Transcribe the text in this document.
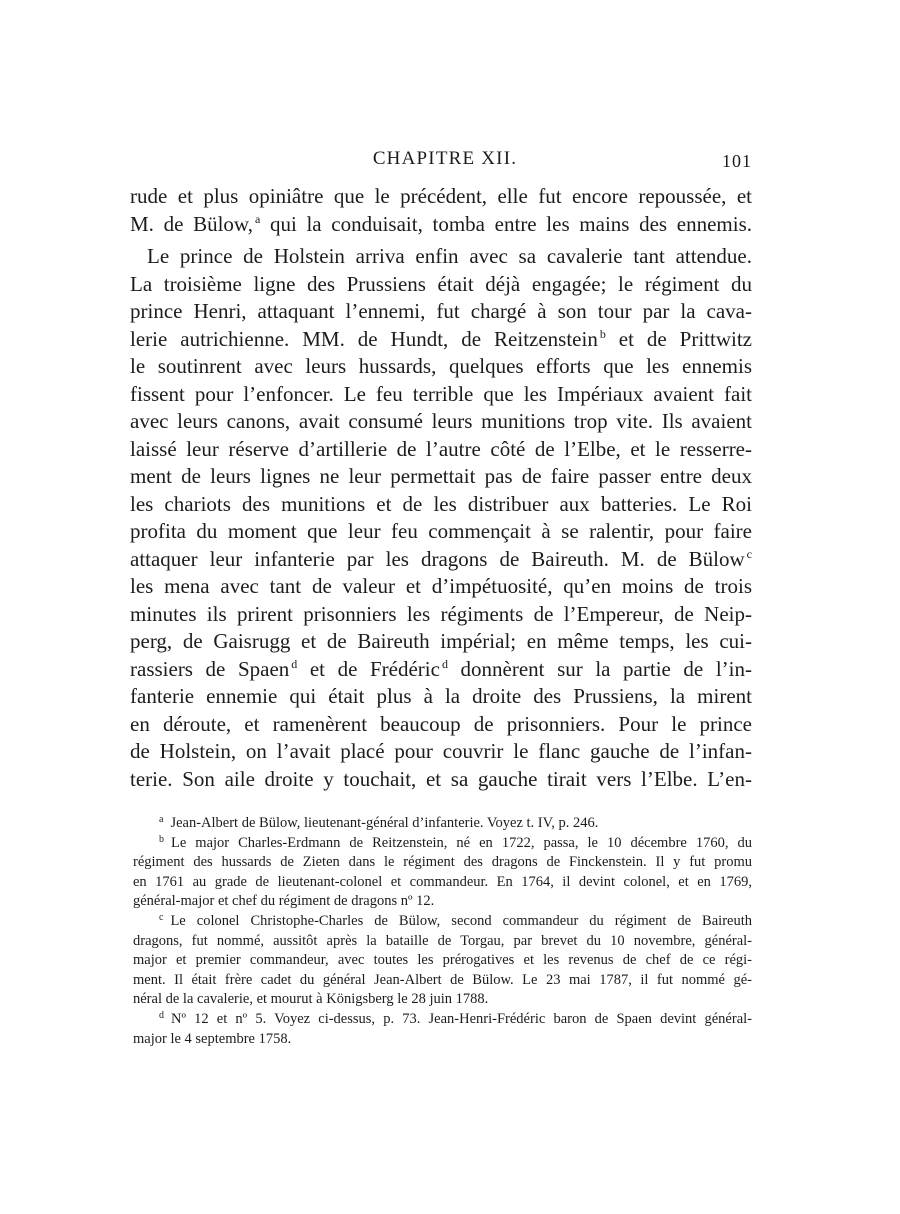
CHAPITRE XII.	101
rude et plus opiniâtre que le précédent, elle fut encore repoussée, et
M. de Bülow, $^a$ qui la conduisait, tomba entre les mains des ennemis.
Le prince de Holstein arriva enfin avec sa cavalerie tant attendue.
La troisième ligne des Prussiens était déjà engagée; le régiment du
prince Henri, attaquant l’ennemi, fut chargé à son tour par la cava-
lerie autrichienne. MM. de Hundt, de Reitzenstein $^b$ et de Prittwitz
le soutinrent avec leurs hussards, quelques efforts que les ennemis
fissent pour l’enfoncer. Le feu terrible que les Impériaux avaient fait
avec leurs canons, avait consumé leurs munitions trop vite. Ils avaient
laissé leur réserve d’artillerie de l’autre côté de l’Elbe, et le resserre-
ment de leurs lignes ne leur permettait pas de faire passer entre deux
les chariots des munitions et de les distribuer aux batteries. Le Roi
profita du moment que leur feu commençait à se ralentir, pour faire
attaquer leur infanterie par les dragons de Baireuth. M. de Bülow $^c$
les mena avec tant de valeur et d’impétuosité, qu’en moins de trois
minutes ils prirent prisonniers les régiments de l’Empereur, de Neip-
perg, de Gaisrugg et de Baireuth impérial; en même temps, les cui-
rassiers de Spaen $^d$ et de Frédéric $^d$ donnèrent sur la partie de l’in-
fanterie ennemie qui était plus à la droite des Prussiens, la mirent
en déroute, et ramenèrent beaucoup de prisonniers. Pour le prince
de Holstein, on l’avait placé pour couvrir le flanc gauche de l’infan-
terie. Son aile droite y touchait, et sa gauche tirait vers l’Elbe. L’en-
$^a$ Jean-Albert de Bülow, lieutenant-général d’infanterie. Voyez t. IV, p. 246.
$^b$ Le major Charles-Erdmann de Reitzenstein, né en 1722, passa, le 10 décembre 1760, du
régiment des hussards de Zieten dans le régiment des dragons de Finckenstein. Il y fut promu
en 1761 au grade de lieutenant-colonel et commandeur. En 1764, il devint colonel, et en 1769,
général-major et chef du régiment de dragons nº 12.
$^c$ Le colonel Christophe-Charles de Bülow, second commandeur du régiment de Baireuth
dragons, fut nommé, aussitôt après la bataille de Torgau, par brevet du 10 novembre, général-
major et premier commandeur, avec toutes les prérogatives et les revenus de chef de ce régi-
ment. Il était frère cadet du général Jean-Albert de Bülow. Le 23 mai 1787, il fut nommé gé-
néral de la cavalerie, et mourut à Königsberg le 28 juin 1788.
$^d$ Nº 12 et nº 5. Voyez ci-dessus, p. 73. Jean-Henri-Frédéric baron de Spaen devint général-
major le 4 septembre 1758.
